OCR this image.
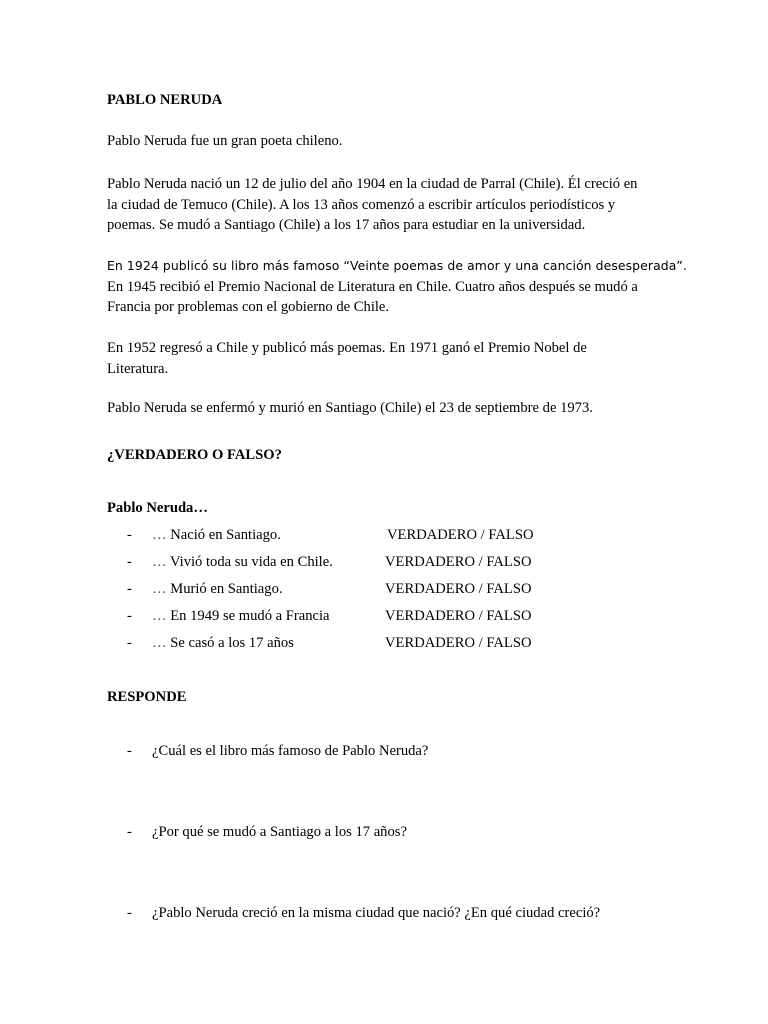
PABLO NERUDA
Pablo Neruda fue un gran poeta chileno.
Pablo Neruda nació un 12 de julio del año 1904 en la ciudad de Parral (Chile). Él creció en
la ciudad de Temuco (Chile). A los 13 años comenzó a escribir artículos periodísticos y
poemas. Se mudó a Santiago (Chile) a los 17 años para estudiar en la universidad.
En 1924 publicó su libro más famoso “Veinte poemas de amor y una canción desesperada”.
En 1945 recibió el Premio Nacional de Literatura en Chile. Cuatro años después se mudó a
Francia por problemas con el gobierno de Chile.
En 1952 regresó a Chile y publicó más poemas. En 1971 ganó el Premio Nobel de
Literatura.
Pablo Neruda se enfermó y murió en Santiago (Chile) el 23 de septiembre de 1973.
¿VERDADERO O FALSO?
Pablo Neruda…
- … Nació en Santiago.	VERDADERO / FALSO
- … Vivió toda su vida en Chile.	VERDADERO / FALSO
- … Murió en Santiago.	VERDADERO / FALSO
- … En 1949 se mudó a Francia	VERDADERO / FALSO
- … Se casó a los 17 años	VERDADERO / FALSO
RESPONDE
- ¿Cuál es el libro más famoso de Pablo Neruda?
- ¿Por qué se mudó a Santiago a los 17 años?
- ¿Pablo Neruda creció en la misma ciudad que nació? ¿En qué ciudad creció?
